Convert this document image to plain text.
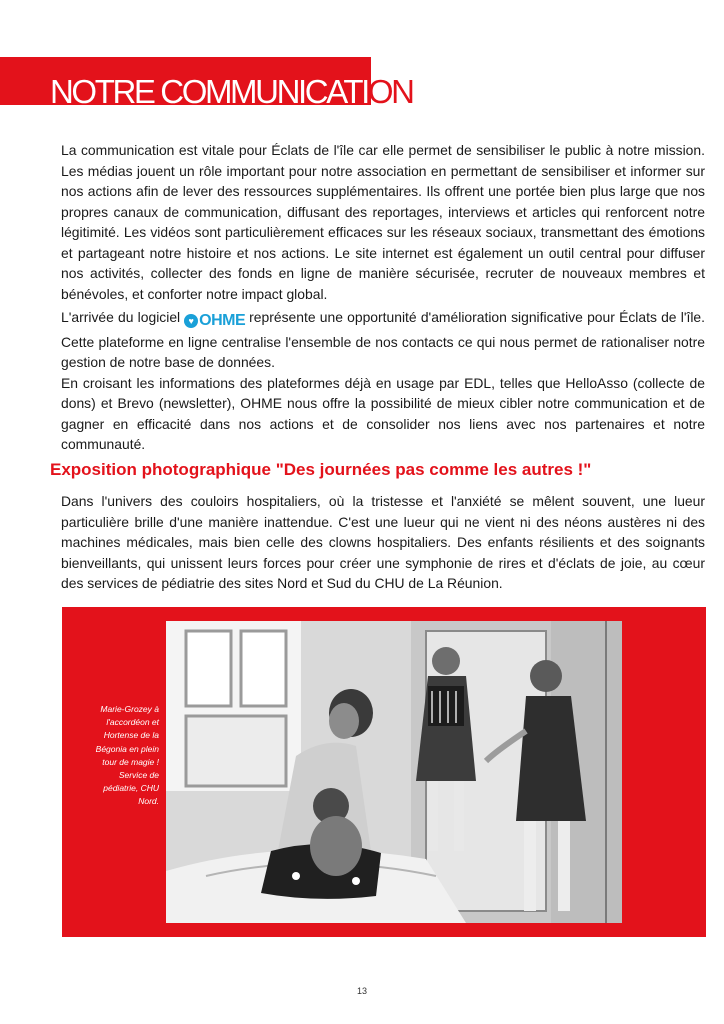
NOTRE COMMUNICATION

La communication est vitale pour Éclats de l'île car elle permet de sensibiliser le public à notre mission. Les médias jouent un rôle important pour notre association en permettant de sensibiliser et informer sur nos actions afin de lever des ressources supplémentaires. Ils offrent une portée bien plus large que nos propres canaux de communication, diffusant des reportages, interviews et articles qui renforcent notre légitimité. Les vidéos sont particulièrement efficaces sur les réseaux sociaux, transmettant des émotions et partageant notre histoire et nos actions. Le site internet est également un outil central pour diffuser nos activités, collecter des fonds en ligne de manière sécurisée, recruter de nouveaux membres et bénévoles, et conforter notre impact global.

L'arrivée du logiciel ♥ OHME représente une opportunité d'amélioration significative pour Éclats de l'île. Cette plateforme en ligne centralise l'ensemble de nos contacts ce qui nous permet de rationaliser notre gestion de notre base de données.

En croisant les informations des plateformes déjà en usage par EDL, telles que HelloAsso (collecte de dons) et Brevo (newsletter), OHME nous offre la possibilité de mieux cibler notre communication et de gagner en efficacité dans nos actions et de consolider nos liens avec nos partenaires et notre communauté.

Exposition photographique "Des journées pas comme les autres !"

Dans l'univers des couloirs hospitaliers, où la tristesse et l'anxiété se mêlent souvent, une lueur particulière brille d'une manière inattendue. C'est une lueur qui ne vient ni des néons austères ni des machines médicales, mais bien celle des clowns hospitaliers. Des enfants résilients et des soignants bienveillants, qui unissent leurs forces pour créer une symphonie de rires et d'éclats de joie, au cœur des services de pédiatrie des sites Nord et Sud du CHU de La Réunion.

Marie-Grozey à l'accordéon et Hortense de la Bégonia en plein tour de magie ! Service de pédiatrie, CHU Nord.
13
